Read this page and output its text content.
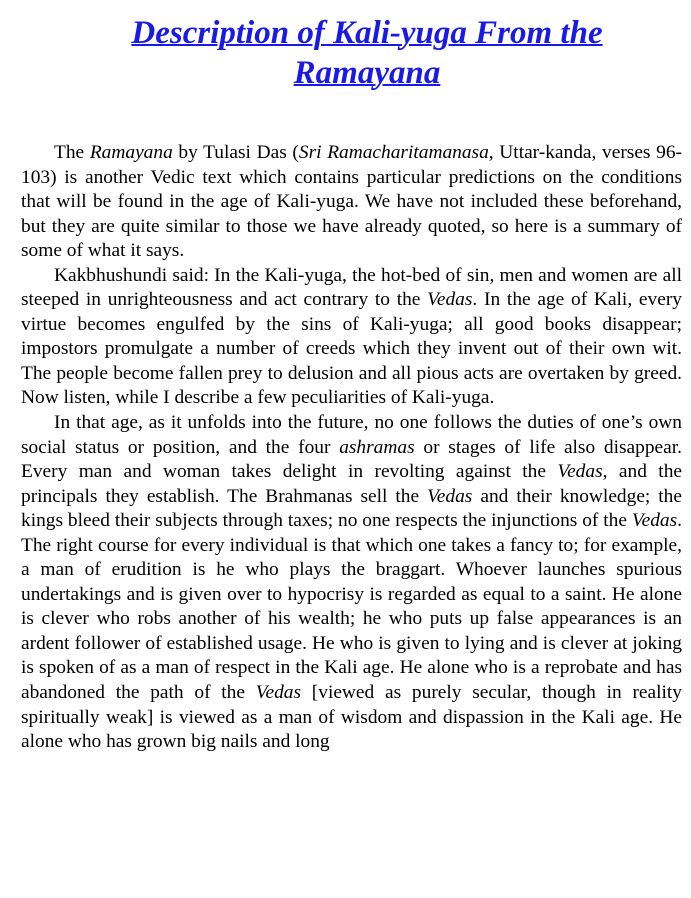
Description of Kali-yuga From the
Ramayana

The Ramayana by Tulasi Das (Sri Ramacharitamanasa, Uttar-kanda, verses 96-103) is another Vedic text which contains particular predictions on the conditions that will be found in the age of Kali-yuga. We have not included these beforehand, but they are quite similar to those we have already quoted, so here is a summary of some of what it says.

Kakbhushundi said: In the Kali-yuga, the hot-bed of sin, men and women are all steeped in unrighteousness and act contrary to the Vedas. In the age of Kali, every virtue becomes engulfed by the sins of Kali-yuga; all good books disappear; impostors promulgate a number of creeds which they invent out of their own wit. The people become fallen prey to delusion and all pious acts are overtaken by greed. Now listen, while I describe a few peculiarities of Kali-yuga.

In that age, as it unfolds into the future, no one follows the duties of one’s own social status or position, and the four ashramas or stages of life also disappear. Every man and woman takes delight in revolting against the Vedas, and the principals they establish. The Brahmanas sell the Vedas and their knowledge; the kings bleed their subjects through taxes; no one respects the injunctions of the Vedas. The right course for every individual is that which one takes a fancy to; for example, a man of erudition is he who plays the braggart. Whoever launches spurious undertakings and is given over to hypocrisy is regarded as equal to a saint. He alone is clever who robs another of his wealth; he who puts up false appearances is an ardent follower of established usage. He who is given to lying and is clever at joking is spoken of as a man of respect in the Kali age. He alone who is a reprobate and has abandoned the path of the Vedas [viewed as purely secular, though in reality spiritually weak] is viewed as a man of wisdom and dispassion in the Kali age. He alone who has grown big nails and long
